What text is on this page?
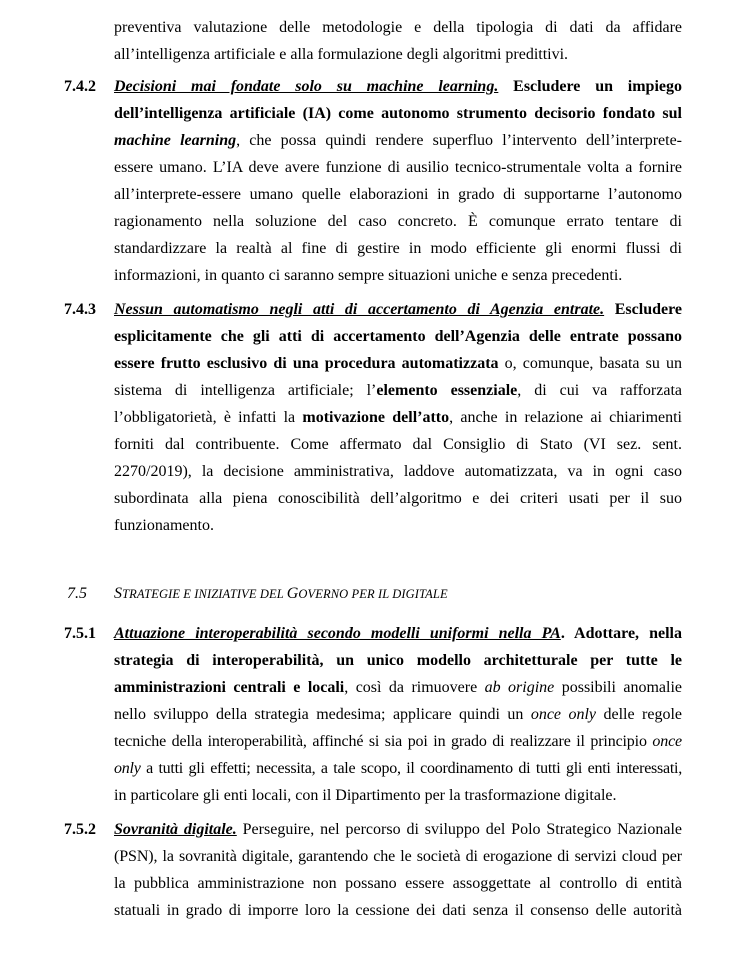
preventiva valutazione delle metodologie e della tipologia di dati da affidare
all’intelligenza artificiale e alla formulazione degli algoritmi predittivi.
7.4.2 Decisioni mai fondate solo su machine learning. Escludere un impiego
dell’intelligenza artificiale (IA) come autonomo strumento decisorio fondato sul
machine learning, che possa quindi rendere superfluo l’intervento dell’interprete-
essere umano. L’IA deve avere funzione di ausilio tecnico-strumentale volta a fornire
all’interprete-essere umano quelle elaborazioni in grado di supportarne l’autonomo
ragionamento nella soluzione del caso concreto. È comunque errato tentare di
standardizzare la realtà al fine di gestire in modo efficiente gli enormi flussi di
informazioni, in quanto ci saranno sempre situazioni uniche e senza precedenti.
7.4.3 Nessun automatismo negli atti di accertamento di Agenzia entrate. Escludere
esplicitamente che gli atti di accertamento dell’Agenzia delle entrate possano
essere frutto esclusivo di una procedura automatizzata o, comunque, basata su un
sistema di intelligenza artificiale; l’elemento essenziale, di cui va rafforzata
l’obbligatorietà, è infatti la motivazione dell’atto, anche in relazione ai chiarimenti
forniti dal contribuente. Come affermato dal Consiglio di Stato (VI sez. sent.
2270/2019), la decisione amministrativa, laddove automatizzata, va in ogni caso
subordinata alla piena conoscibilità dell’algoritmo e dei criteri usati per il suo
funzionamento.
7.5 STRATEGIE E INIZIATIVE DEL GOVERNO PER IL DIGITALE
7.5.1 Attuazione interoperabilità secondo modelli uniformi nella PA. Adottare, nella
strategia di interoperabilità, un unico modello architetturale per tutte le
amministrazioni centrali e locali, così da rimuovere ab origine possibili anomalie
nello sviluppo della strategia medesima; applicare quindi un once only delle regole
tecniche della interoperabilità, affinché si sia poi in grado di realizzare il principio once
only a tutti gli effetti; necessita, a tale scopo, il coordinamento di tutti gli enti interessati,
in particolare gli enti locali, con il Dipartimento per la trasformazione digitale.
7.5.2 Sovranità digitale. Perseguire, nel percorso di sviluppo del Polo Strategico Nazionale
(PSN), la sovranità digitale, garantendo che le società di erogazione di servizi cloud per
la pubblica amministrazione non possano essere assoggettate al controllo di entità
statuali in grado di imporre loro la cessione dei dati senza il consenso delle autorità
